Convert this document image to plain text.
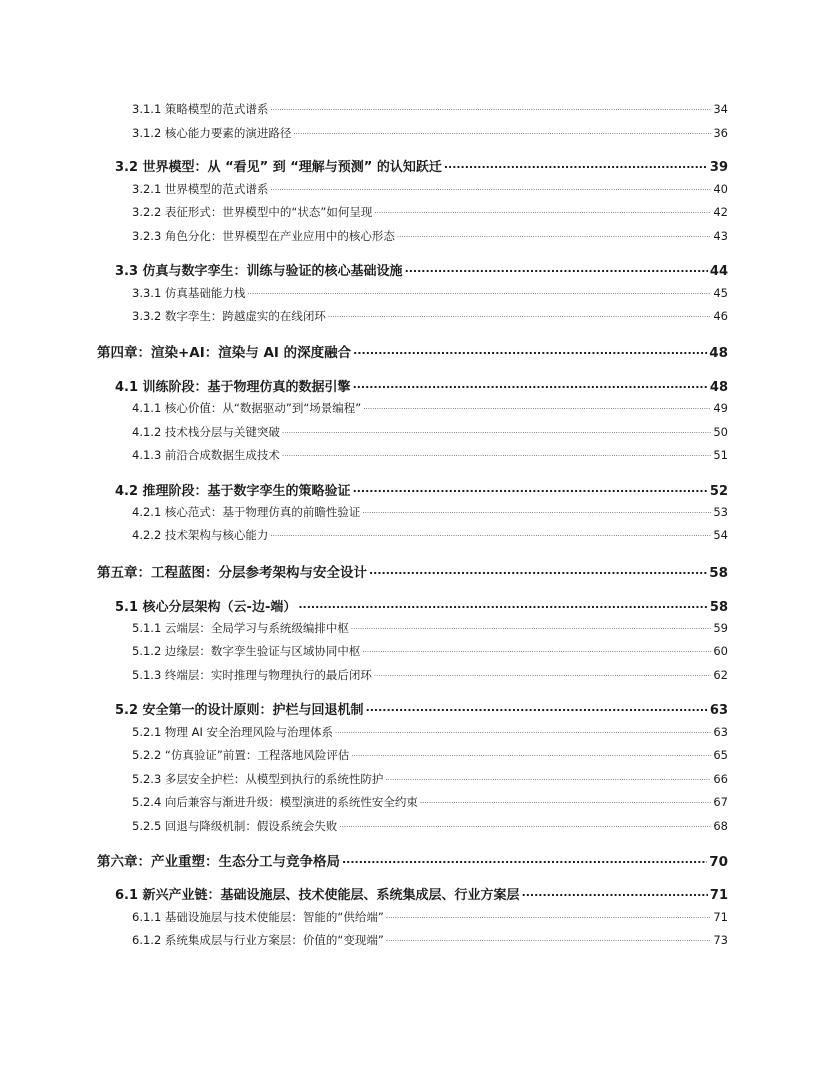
3.1.1 策略模型的范式谱系 .....	34
3.1.2 核心能力要素的演进路径 .....	36
3.2 世界模型：从 “看见” 到 “理解与预测” 的认知跃迁 .....	39
3.2.1 世界模型的范式谱系 .....	40
3.2.2 表征形式：世界模型中的“状态”如何呈现 .....	42
3.2.3 角色分化：世界模型在产业应用中的核心形态 .....	43
3.3 仿真与数字孪生：训练与验证的核心基础设施 .....	44
3.3.1 仿真基础能力栈 .....	45
3.3.2 数字孪生：跨越虚实的在线闭环 .....	46
第四章：渲染+AI：渲染与 AI 的深度融合 .....	48
4.1 训练阶段：基于物理仿真的数据引擎 .....	48
4.1.1 核心价值：从“数据驱动”到“场景编程” .....	49
4.1.2 技术栈分层与关键突破 .....	50
4.1.3 前沿合成数据生成技术 .....	51
4.2 推理阶段：基于数字孪生的策略验证 .....	52
4.2.1 核心范式：基于物理仿真的前瞻性验证 .....	53
4.2.2 技术架构与核心能力 .....	54
第五章：工程蓝图：分层参考架构与安全设计 .....	58
5.1 核心分层架构（云-边-端） .....	58
5.1.1 云端层：全局学习与系统级编排中枢 .....	59
5.1.2 边缘层：数字孪生验证与区域协同中枢 .....	60
5.1.3 终端层：实时推理与物理执行的最后闭环 .....	62
5.2 安全第一的设计原则：护栏与回退机制 .....	63
5.2.1 物理 AI 安全治理风险与治理体系 .....	63
5.2.2 “仿真验证”前置：工程落地风险评估 .....	65
5.2.3 多层安全护栏：从模型到执行的系统性防护 .....	66
5.2.4 向后兼容与渐进升级：模型演进的系统性安全约束 .....	67
5.2.5 回退与降级机制：假设系统会失败 .....	68
第六章：产业重塑：生态分工与竞争格局 .....	70
6.1 新兴产业链：基础设施层、技术使能层、系统集成层、行业方案层 .....	71
6.1.1 基础设施层与技术使能层：智能的“供给端” .....	71
6.1.2 系统集成层与行业方案层：价值的“变现端” .....	73
